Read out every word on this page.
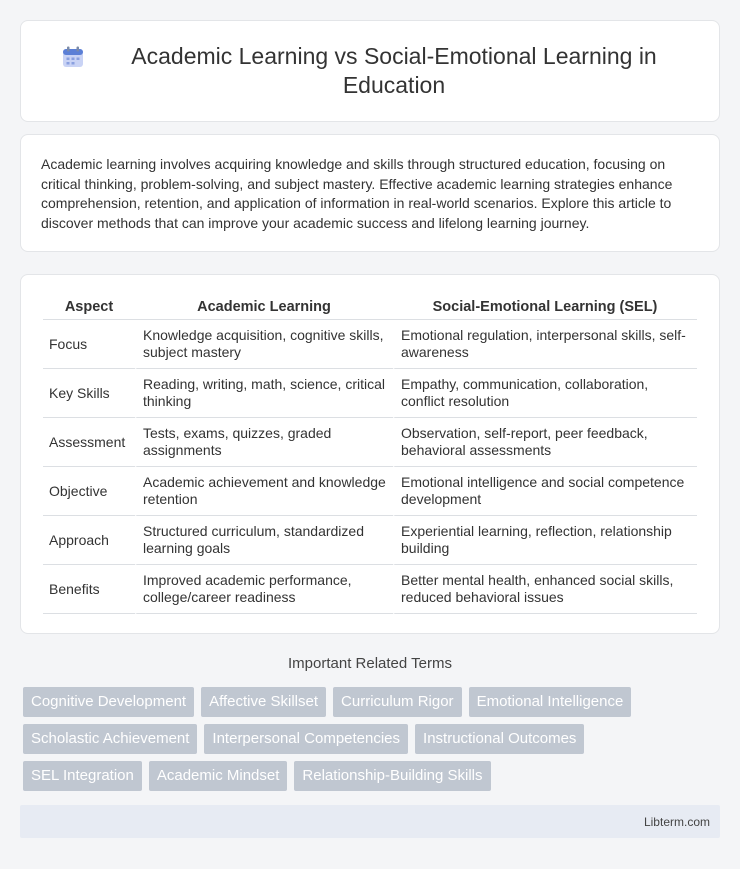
Academic Learning vs Social-Emotional Learning in Education

Academic learning involves acquiring knowledge and skills through structured education, focusing on critical thinking, problem-solving, and subject mastery. Effective academic learning strategies enhance comprehension, retention, and application of information in real-world scenarios. Explore this article to discover methods that can improve your academic success and lifelong learning journey.

Aspect	Academic Learning	Social-Emotional Learning (SEL)
Focus	Knowledge acquisition, cognitive skills, subject mastery	Emotional regulation, interpersonal skills, self-awareness
Key Skills	Reading, writing, math, science, critical thinking	Empathy, communication, collaboration, conflict resolution
Assessment	Tests, exams, quizzes, graded assignments	Observation, self-report, peer feedback, behavioral assessments
Objective	Academic achievement and knowledge retention	Emotional intelligence and social competence development
Approach	Structured curriculum, standardized learning goals	Experiential learning, reflection, relationship building
Benefits	Improved academic performance, college/career readiness	Better mental health, enhanced social skills, reduced behavioral issues
Important Related Terms
Cognitive Development	Affective Skillset	Curriculum Rigor	Emotional Intelligence
Scholastic Achievement	Interpersonal Competencies	Instructional Outcomes
SEL Integration	Academic Mindset	Relationship-Building Skills
Libterm.com
